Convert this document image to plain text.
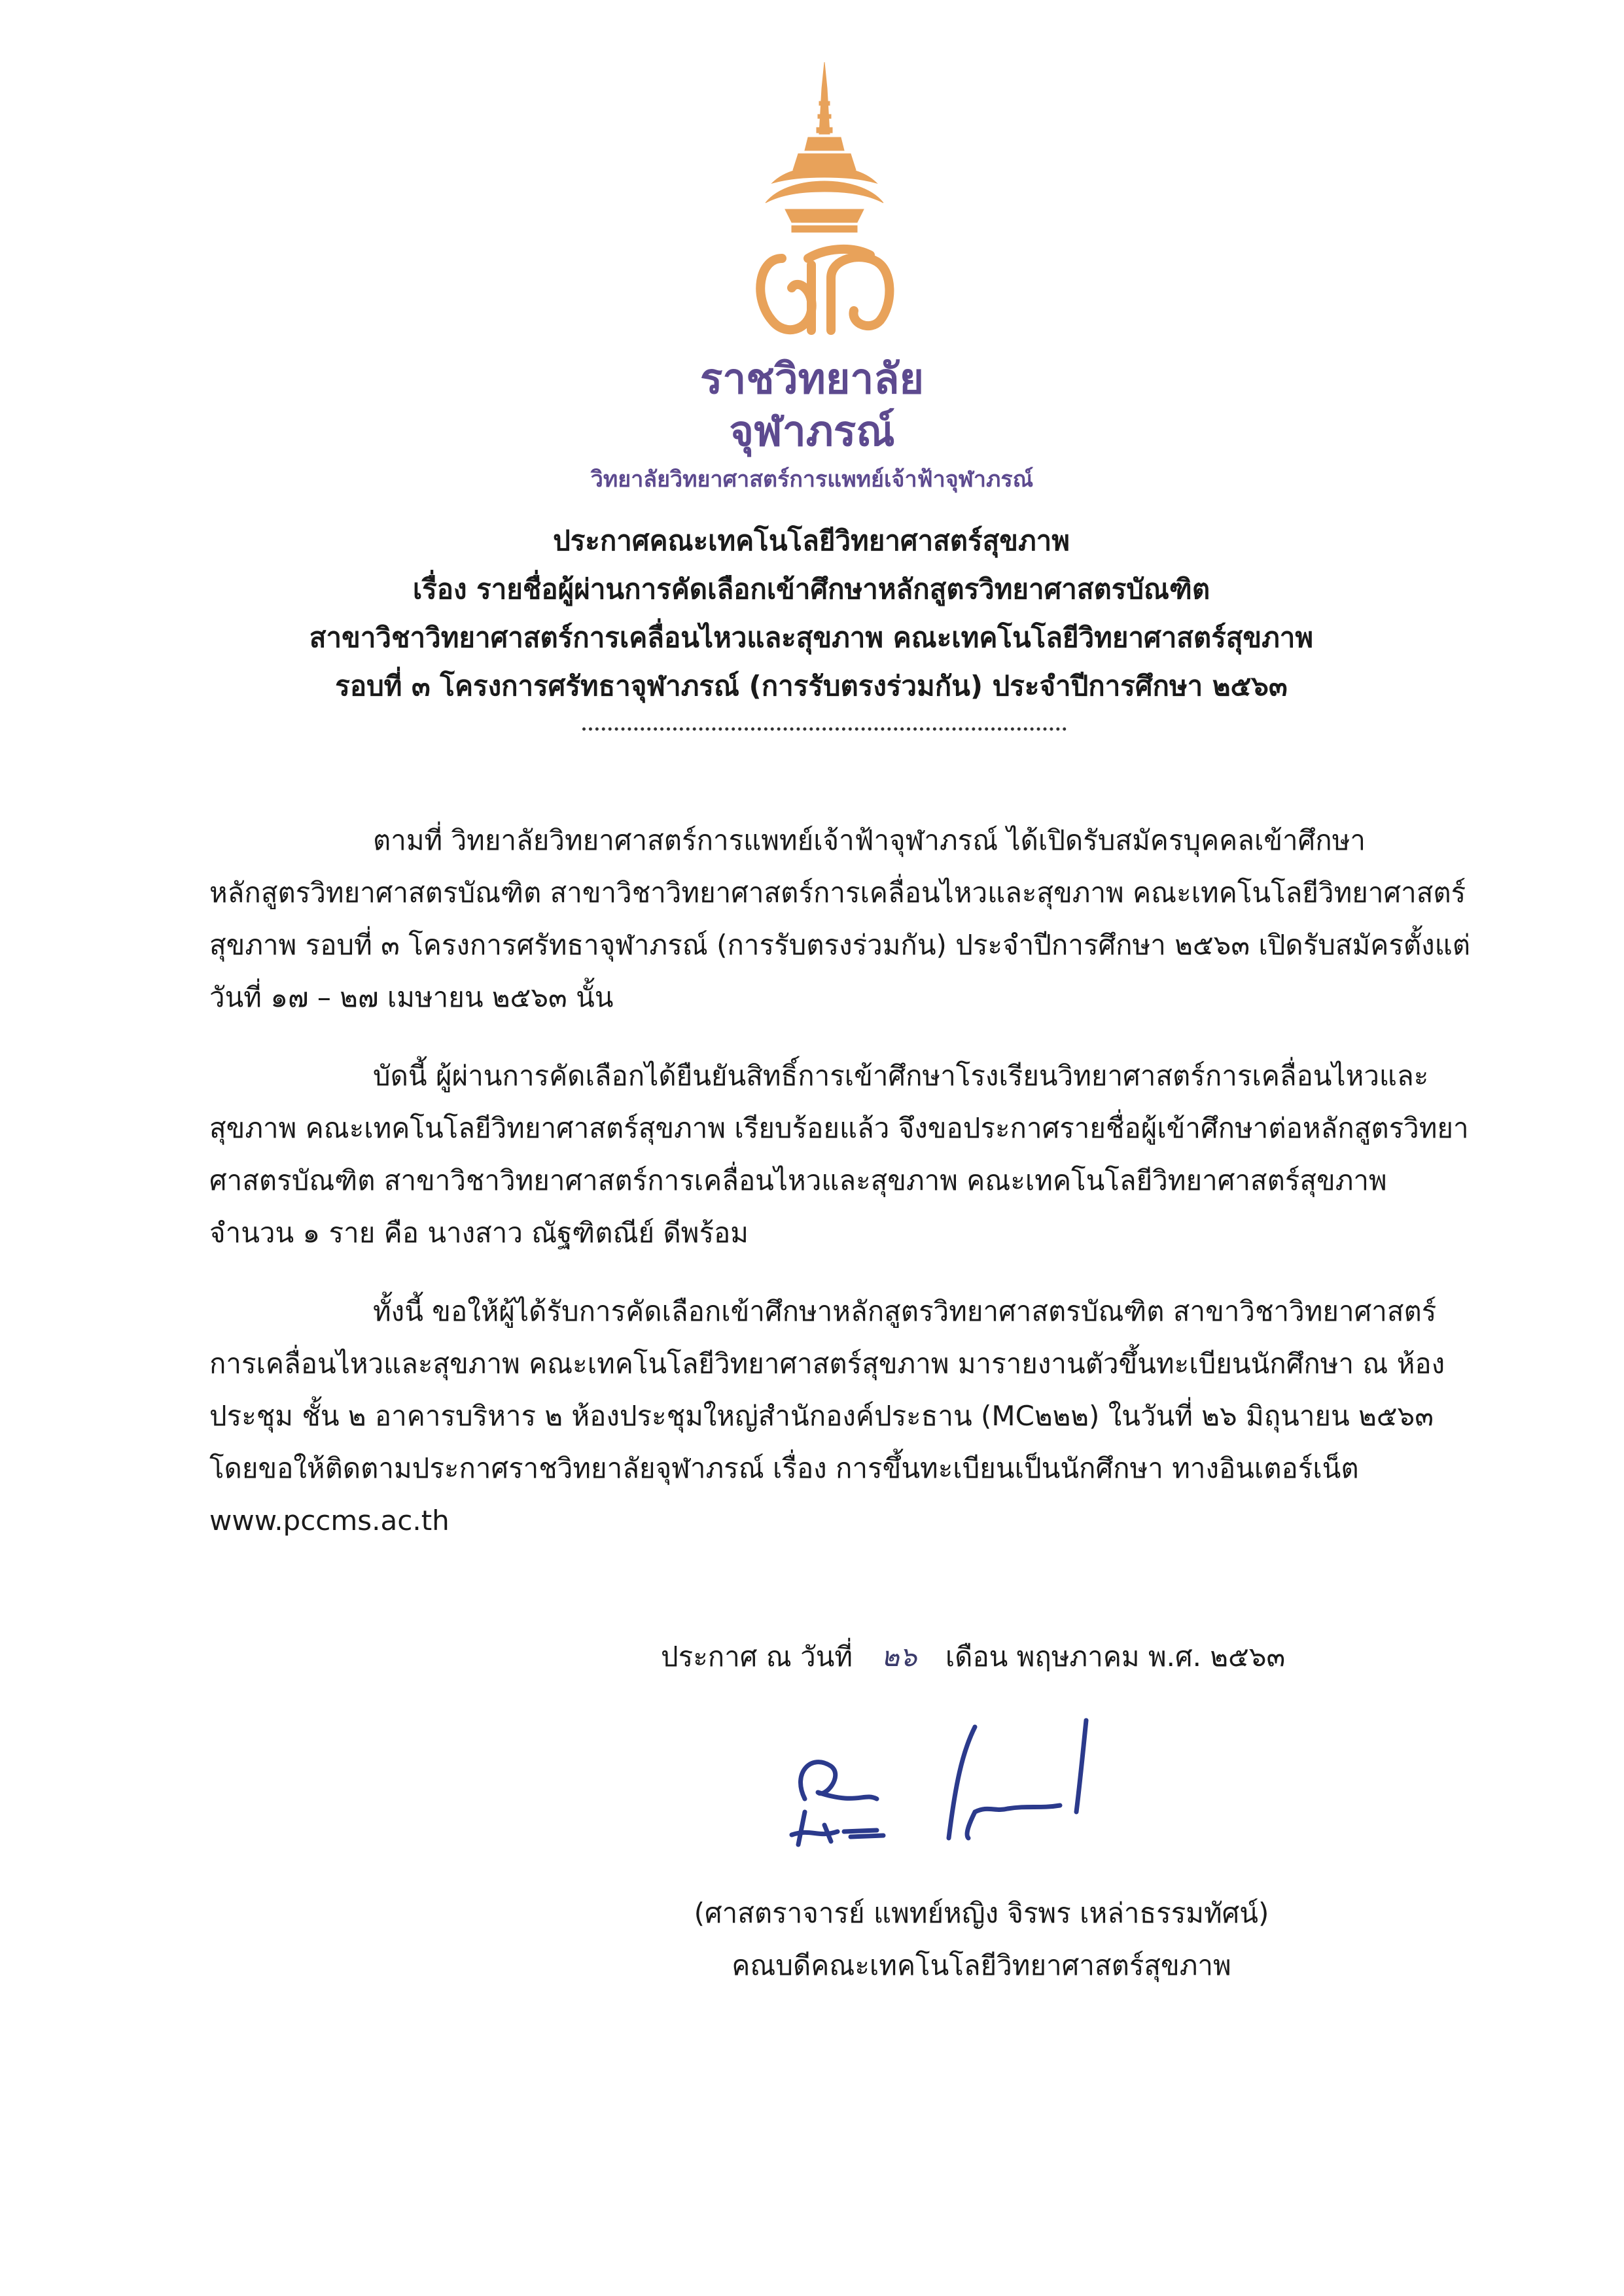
ราชวิทยาลัย
จุฬาภรณ์
วิทยาลัยวิทยาศาสตร์การแพทย์เจ้าฟ้าจุฬาภรณ์
ประกาศคณะเทคโนโลยีวิทยาศาสตร์สุขภาพ
เรื่อง รายชื่อผู้ผ่านการคัดเลือกเข้าศึกษาหลักสูตรวิทยาศาสตรบัณฑิต
สาขาวิชาวิทยาศาสตร์การเคลื่อนไหวและสุขภาพ คณะเทคโนโลยีวิทยาศาสตร์สุขภาพ
รอบที่ ๓ โครงการศรัทธาจุฬาภรณ์ (การรับตรงร่วมกัน) ประจำปีการศึกษา ๒๕๖๓
ตามที่ วิทยาลัยวิทยาศาสตร์การแพทย์เจ้าฟ้าจุฬาภรณ์ ได้เปิดรับสมัครบุคคลเข้าศึกษา
หลักสูตรวิทยาศาสตรบัณฑิต สาขาวิชาวิทยาศาสตร์การเคลื่อนไหวและสุขภาพ คณะเทคโนโลยีวิทยาศาสตร์
สุขภาพ รอบที่ ๓ โครงการศรัทธาจุฬาภรณ์ (การรับตรงร่วมกัน) ประจำปีการศึกษา ๒๕๖๓ เปิดรับสมัครตั้งแต่
วันที่ ๑๗ – ๒๗ เมษายน ๒๕๖๓ นั้น
บัดนี้ ผู้ผ่านการคัดเลือกได้ยืนยันสิทธิ์การเข้าศึกษาโรงเรียนวิทยาศาสตร์การเคลื่อนไหวและ
สุขภาพ คณะเทคโนโลยีวิทยาศาสตร์สุขภาพ เรียบร้อยแล้ว จึงขอประกาศรายชื่อผู้เข้าศึกษาต่อหลักสูตรวิทยา
ศาสตรบัณฑิต สาขาวิชาวิทยาศาสตร์การเคลื่อนไหวและสุขภาพ คณะเทคโนโลยีวิทยาศาสตร์สุขภาพ
จำนวน ๑ ราย คือ นางสาว ณัฐฑิตณีย์ ดีพร้อม
ทั้งนี้ ขอให้ผู้ได้รับการคัดเลือกเข้าศึกษาหลักสูตรวิทยาศาสตรบัณฑิต สาขาวิชาวิทยาศาสตร์
การเคลื่อนไหวและสุขภาพ คณะเทคโนโลยีวิทยาศาสตร์สุขภาพ มารายงานตัวขึ้นทะเบียนนักศึกษา ณ ห้อง
ประชุม ชั้น ๒ อาคารบริหาร ๒ ห้องประชุมใหญ่สำนักองค์ประธาน (MC๒๒๒) ในวันที่ ๒๖ มิถุนายน ๒๕๖๓
โดยขอให้ติดตามประกาศราชวิทยาลัยจุฬาภรณ์ เรื่อง การขึ้นทะเบียนเป็นนักศึกษา ทางอินเตอร์เน็ต
www.pccms.ac.th
ประกาศ ณ วันที่ ๒๖ เดือน พฤษภาคม พ.ศ. ๒๕๖๓
(ศาสตราจารย์ แพทย์หญิง จิรพร เหล่าธรรมทัศน์)
คณบดีคณะเทคโนโลยีวิทยาศาสตร์สุขภาพ
